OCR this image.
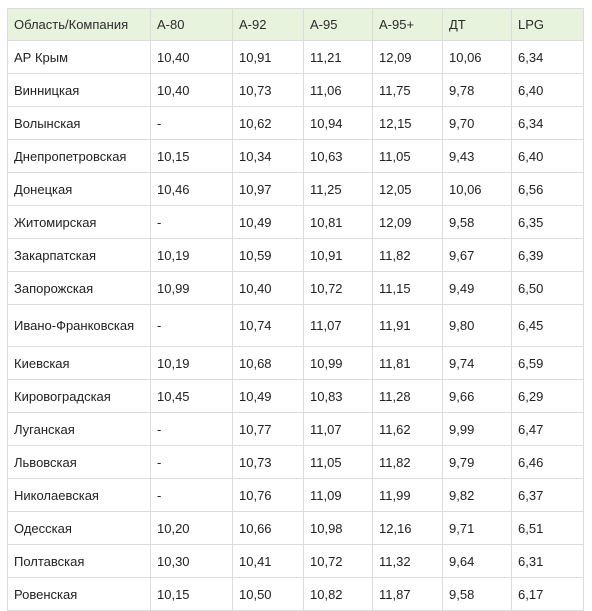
Область/Компания	А-80	А-92	А-95	А-95+	ДТ	LPG
АР Крым	10,40	10,91	11,21	12,09	10,06	6,34
Винницкая	10,40	10,73	11,06	11,75	9,78	6,40
Волынская	-	10,62	10,94	12,15	9,70	6,34
Днепропетровская	10,15	10,34	10,63	11,05	9,43	6,40
Донецкая	10,46	10,97	11,25	12,05	10,06	6,56
Житомирская	-	10,49	10,81	12,09	9,58	6,35
Закарпатская	10,19	10,59	10,91	11,82	9,67	6,39
Запорожская	10,99	10,40	10,72	11,15	9,49	6,50
Ивано-Франковская	-	10,74	11,07	11,91	9,80	6,45
Киевская	10,19	10,68	10,99	11,81	9,74	6,59
Кировоградская	10,45	10,49	10,83	11,28	9,66	6,29
Луганская	-	10,77	11,07	11,62	9,99	6,47
Львовская	-	10,73	11,05	11,82	9,79	6,46
Николаевская	-	10,76	11,09	11,99	9,82	6,37
Одесская	10,20	10,66	10,98	12,16	9,71	6,51
Полтавская	10,30	10,41	10,72	11,32	9,64	6,31
Ровенская	10,15	10,50	10,82	11,87	9,58	6,17
